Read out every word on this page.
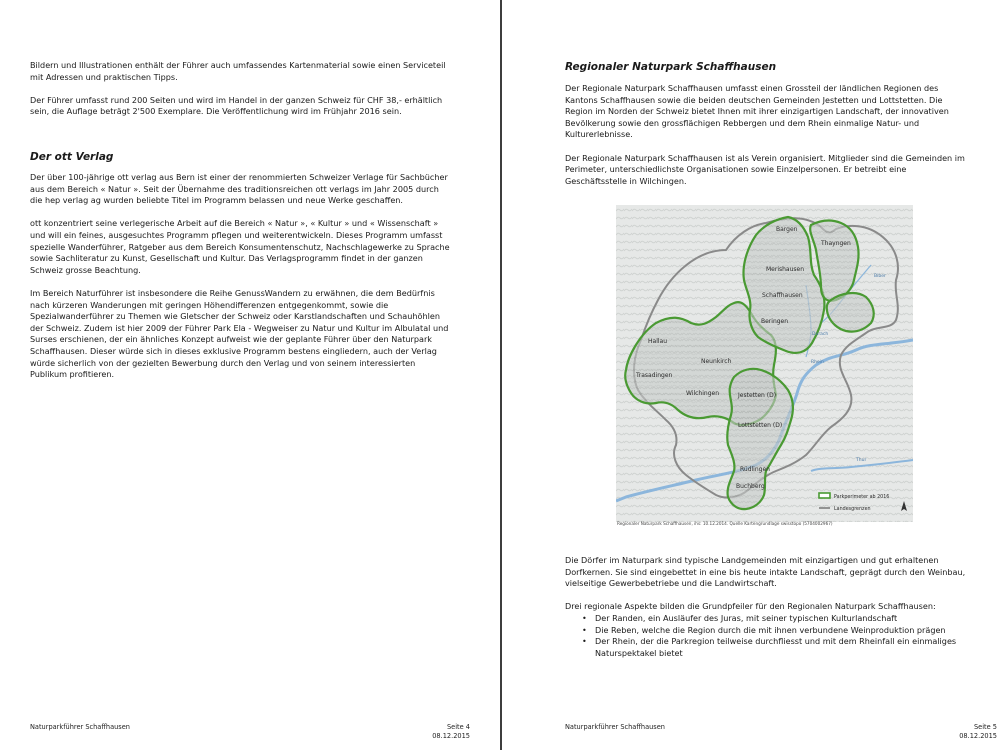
Bildern und Illustrationen enthält der Führer auch umfassendes Kartenmaterial sowie einen Serviceteil mit Adressen und praktischen Tipps.

Der Führer umfasst rund 200 Seiten und wird im Handel in der ganzen Schweiz für CHF 38,- erhältlich sein, die Auflage beträgt 2'500 Exemplare. Die Veröffentlichung wird im Frühjahr 2016 sein.

Der ott Verlag

Der über 100-jährige ott verlag aus Bern ist einer der renommierten Schweizer Verlage für Sachbücher aus dem Bereich « Natur ». Seit der Übernahme des traditionsreichen ott verlags im Jahr 2005 durch die hep verlag ag wurden beliebte Titel im Programm belassen und neue Werke geschaffen.

ott konzentriert seine verlegerische Arbeit auf die Bereich « Natur », « Kultur » und « Wissenschaft » und will ein feines, ausgesuchtes Programm pflegen und weiterentwickeln. Dieses Programm umfasst spezielle Wanderführer, Ratgeber aus dem Bereich Konsumentenschutz, Nachschlagewerke zu Sprache sowie Sachliteratur zu Kunst, Gesellschaft und Kultur. Das Verlagsprogramm findet in der ganzen Schweiz grosse Beachtung.

Im Bereich Naturführer ist insbesondere die Reihe GenussWandern zu erwähnen, die dem Bedürfnis nach kürzeren Wanderungen mit geringen Höhendifferenzen entgegenkommt, sowie die Spezialwanderführer zu Themen wie Gletscher der Schweiz oder Karstlandschaften und Schauhöhlen der Schweiz. Zudem ist hier 2009 der Führer Park Ela - Wegweiser zu Natur und Kultur im Albulatal und Surses erschienen, der ein ähnliches Konzept aufweist wie der geplante Führer über den Naturpark Schaffhausen. Dieser würde sich in dieses exklusive Programm bestens eingliedern, auch der Verlag würde sicherlich von der gezielten Bewerbung durch den Verlag und von seinem interessierten Publikum profitieren.

Naturparkführer Schaffhausen	Seite 4
08.12.2015
Regionaler Naturpark Schaffhausen

Der Regionale Naturpark Schaffhausen umfasst einen Grossteil der ländlichen Regionen des Kantons Schaffhausen sowie die beiden deutschen Gemeinden Jestetten und Lottstetten. Die Region im Norden der Schweiz bietet Ihnen mit ihrer einzigartigen Landschaft, der innovativen Bevölkerung sowie den grossflächigen Rebbergen und dem Rhein einmalige Natur- und Kulturerlebnisse.

Der Regionale Naturpark Schaffhausen ist als Verein organisiert. Mitglieder sind die Gemeinden im Perimeter, unterschiedlichste Organisationen sowie Einzelpersonen. Er betreibt eine Geschäftsstelle in Wilchingen.

Bargen
Thayngen
Merishausen
Schaffhausen
Beringen
Hallau
Neunkirch
Trasadingen
Wilchingen	Jestetten (D)
Lottstetten (D)
Rüdlingen
Buchberg
Rhein
Thur
Biber
Durach
Parkperimeter ab 2016
Landesgrenzen
Regionaler Naturpark Schaffhausen, ihs: 10.12.2014. Quelle Kartengrundlage swisstopo (5704002967)

Die Dörfer im Naturpark sind typische Landgemeinden mit einzigartigen und gut erhaltenen Dorfkernen. Sie sind eingebettet in eine bis heute intakte Landschaft, geprägt durch den Weinbau, vielseitige Gewerbebetriebe und die Landwirtschaft.

Drei regionale Aspekte bilden die Grundpfeiler für den Regionalen Naturpark Schaffhausen:

• Der Randen, ein Ausläufer des Juras, mit seiner typischen Kulturlandschaft
• Die Reben, welche die Region durch die mit ihnen verbundene Weinproduktion prägen
• Der Rhein, der die Parkregion teilweise durchfliesst und mit dem Rheinfall ein einmaliges Naturspektakel bietet
Naturparkführer Schaffhausen	Seite 5
08.12.2015
